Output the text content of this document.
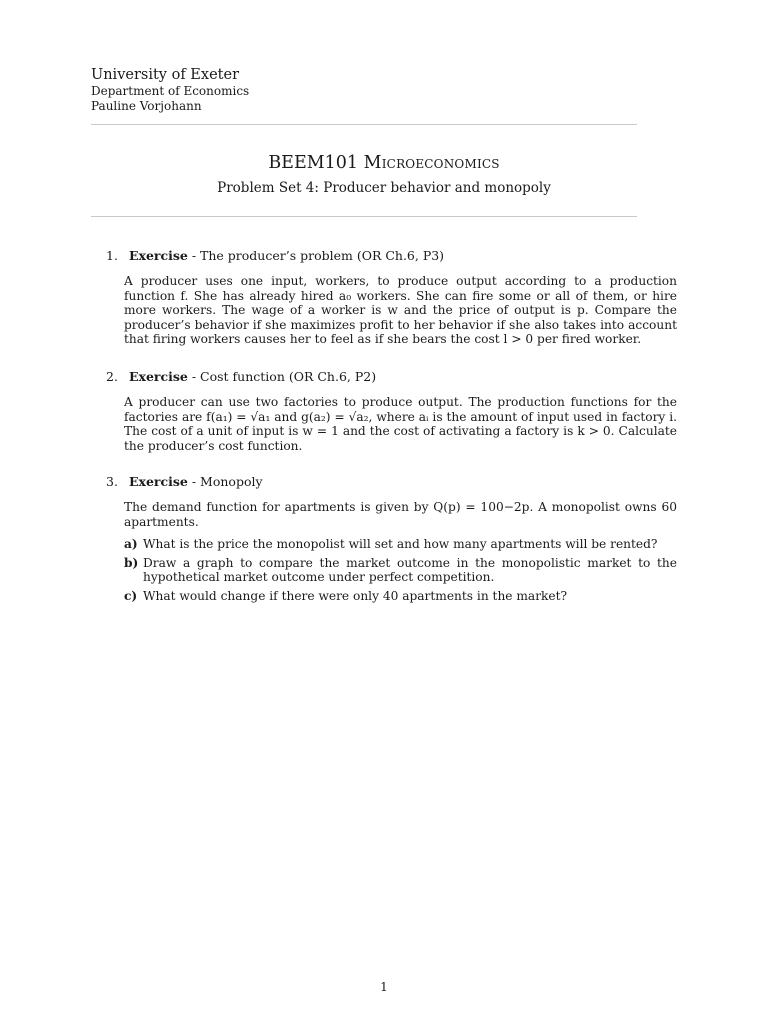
University of Exeter
Department of Economics
Pauline Vorjohann
BEEM101 Microeconomics
Problem Set 4: Producer behavior and monopoly
1. Exercise - The producer’s problem (OR Ch.6, P3)
A producer uses one input, workers, to produce output according to a production function f. She has already hired a₀ workers. She can fire some or all of them, or hire more workers. The wage of a worker is w and the price of output is p. Compare the producer’s behavior if she maximizes profit to her behavior if she also takes into account that firing workers causes her to feel as if she bears the cost l > 0 per fired worker.
2. Exercise - Cost function (OR Ch.6, P2)
A producer can use two factories to produce output. The production functions for the factories are f(a₁) = √a₁ and g(a₂) = √a₂, where aᵢ is the amount of input used in factory i. The cost of a unit of input is w = 1 and the cost of activating a factory is k > 0. Calculate the producer’s cost function.
3. Exercise - Monopoly
The demand function for apartments is given by Q(p) = 100−2p. A monopolist owns 60 apartments.
a) What is the price the monopolist will set and how many apartments will be rented?
b) Draw a graph to compare the market outcome in the monopolistic market to the hypothetical market outcome under perfect competition.
c) What would change if there were only 40 apartments in the market?
1
